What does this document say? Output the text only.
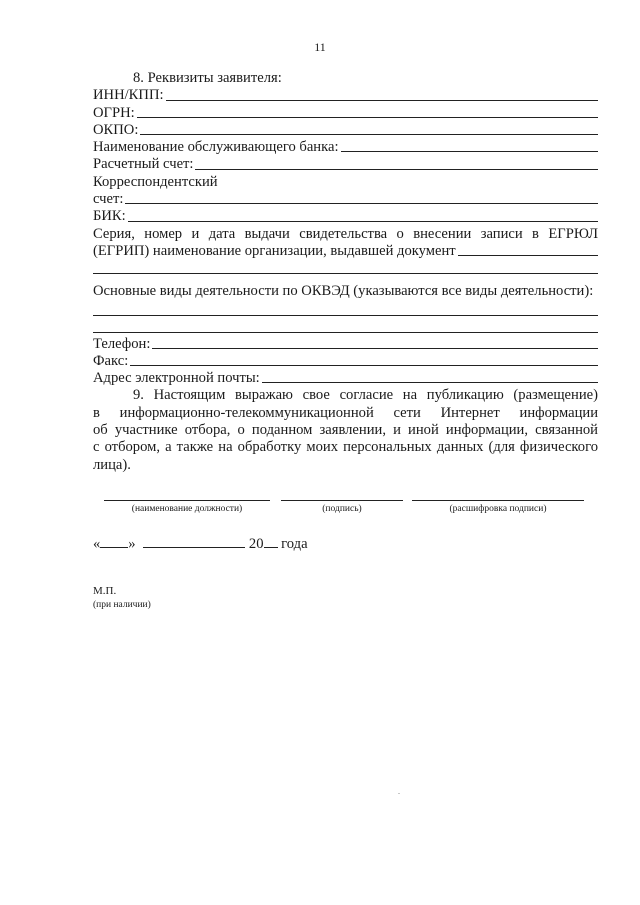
11
8. Реквизиты заявителя:
ИНН/КПП:
ОГРН:
ОКПО:
Наименование обслуживающего банка:
Расчетный счет:
Корреспондентский
счет:
БИК:
Серия, номер и дата выдачи свидетельства о внесении записи в ЕГРЮЛ
(ЕГРИП) наименование организации, выдавшей документ
Основные виды деятельности по ОКВЭД (указываются все виды деятельности):
Телефон:
Факс:
Адрес электронной почты:
9. Настоящим выражаю свое согласие на публикацию (размещение)
в информационно-телекоммуникационной сети Интернет информации
об участнике отбора, о поданном заявлении, и иной информации, связанной
с отбором, а также на обработку моих персональных данных (для физического
лица).
(наименование должности)	(подпись)	(расшифровка подписи)
« »	20 года
М.П.
(при наличии)
